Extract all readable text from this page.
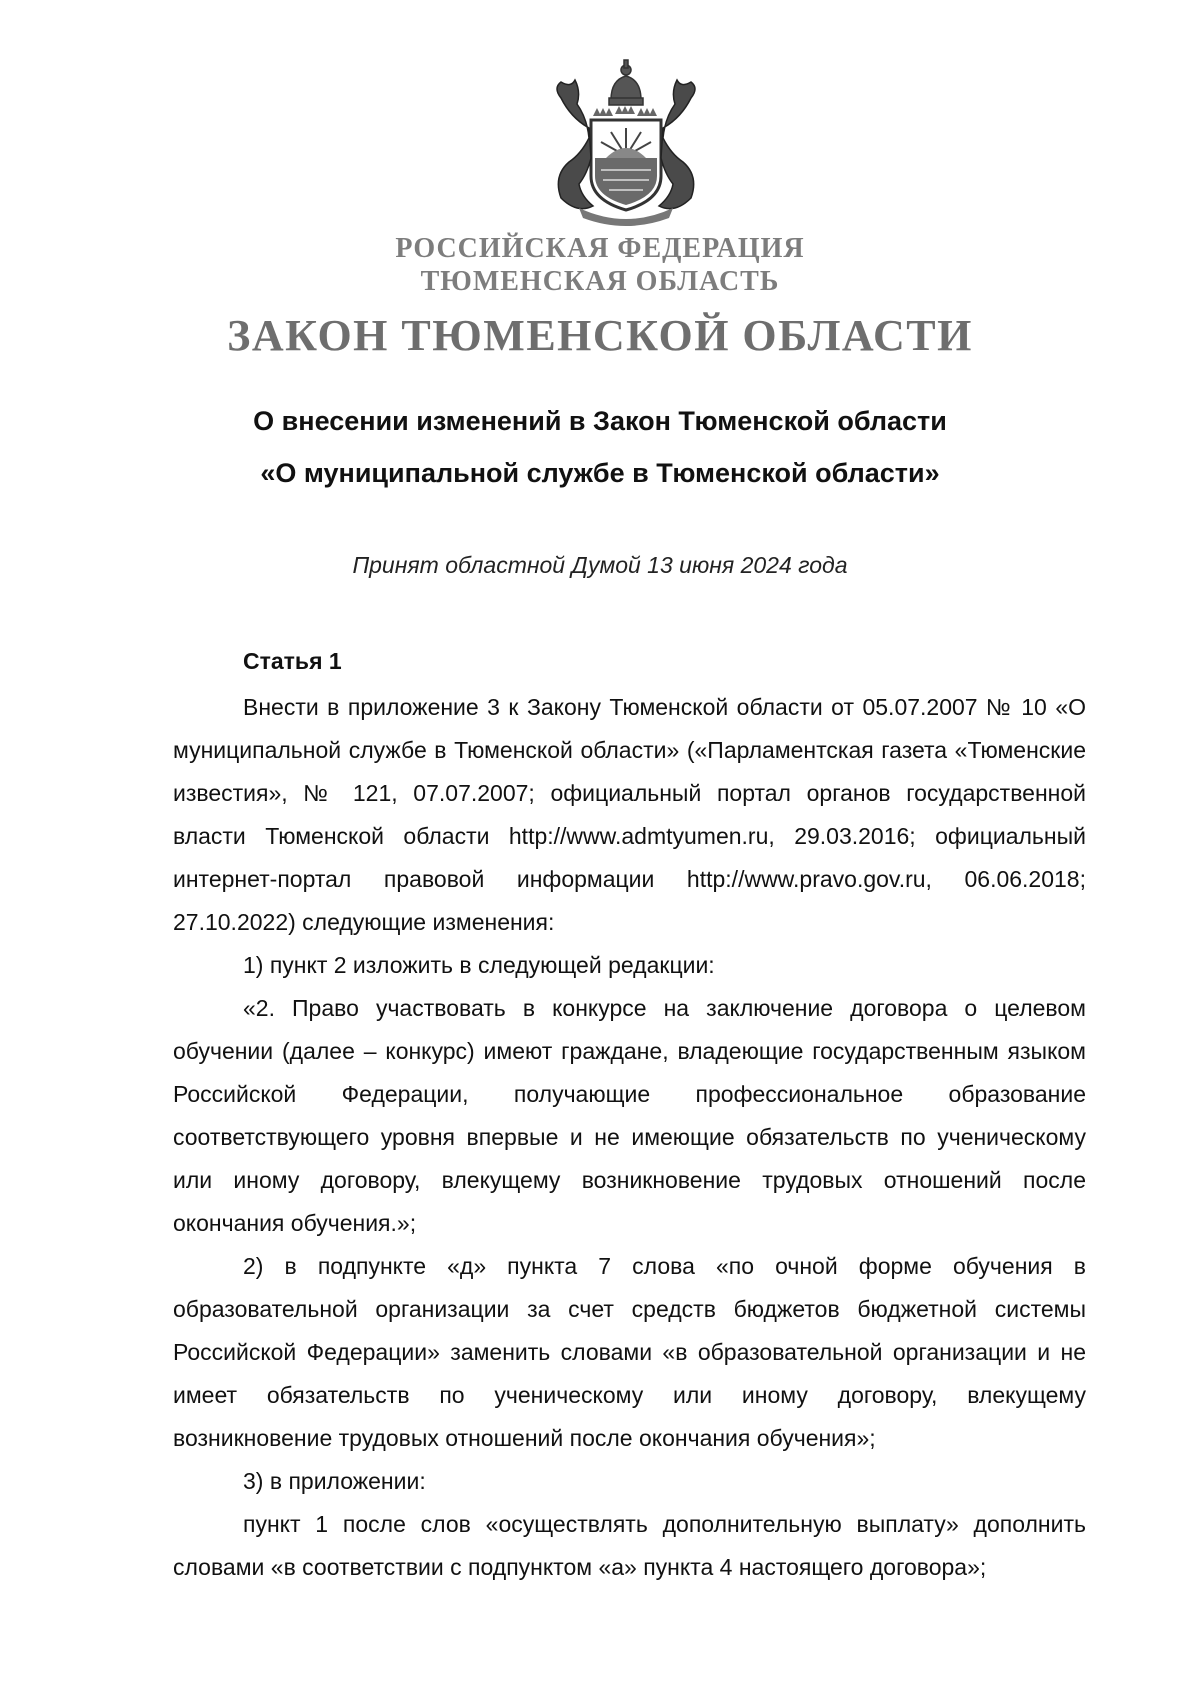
РОССИЙСКАЯ ФЕДЕРАЦИЯ
ТЮМЕНСКАЯ ОБЛАСТЬ
ЗАКОН ТЮМЕНСКОЙ ОБЛАСТИ
О внесении изменений в Закон Тюменской области
«О муниципальной службе в Тюменской области»
Принят областной Думой 13 июня 2024 года
Статья 1

Внести в приложение 3 к Закону Тюменской области от 05.07.2007 № 10 «О муниципальной службе в Тюменской области» («Парламентская газета «Тюменские известия», № 121, 07.07.2007; официальный портал органов государственной власти Тюменской области http://www.admtyumen.ru, 29.03.2016; официальный интернет-портал правовой информации http://www.pravo.gov.ru, 06.06.2018; 27.10.2022) следующие изменения:

1) пункт 2 изложить в следующей редакции:

«2. Право участвовать в конкурсе на заключение договора о целевом обучении (далее – конкурс) имеют граждане, владеющие государственным языком Российской Федерации, получающие профессиональное образование соответствующего уровня впервые и не имеющие обязательств по ученическому или иному договору, влекущему возникновение трудовых отношений после окончания обучения.»;

2) в подпункте «д» пункта 7 слова «по очной форме обучения в образовательной организации за счет средств бюджетов бюджетной системы Российской Федерации» заменить словами «в образовательной организации и не имеет обязательств по ученическому или иному договору, влекущему возникновение трудовых отношений после окончания обучения»;

3) в приложении:

пункт 1 после слов «осуществлять дополнительную выплату» дополнить словами «в соответствии с подпунктом «а» пункта 4 настоящего договора»;
